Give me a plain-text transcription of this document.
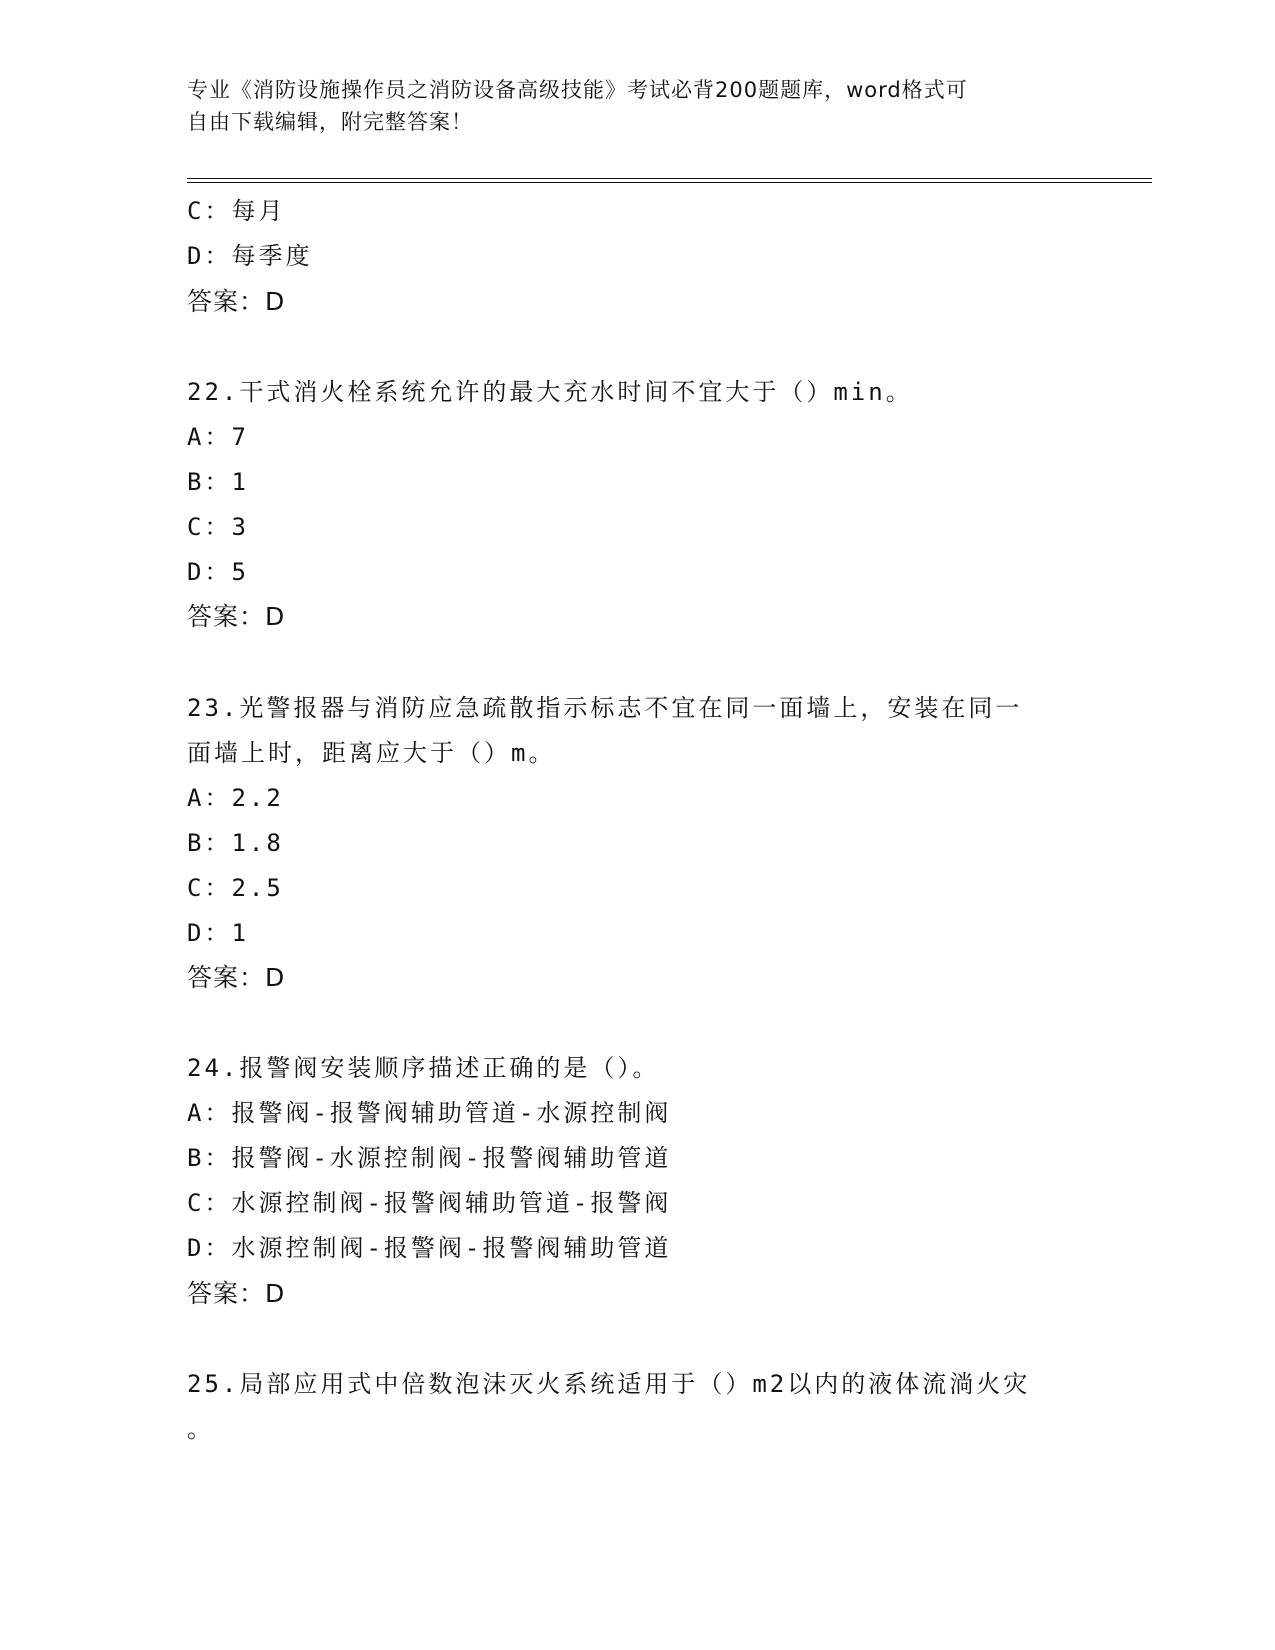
专业《消防设施操作员之消防设备高级技能》考试必背200题题库，word格式可
自由下载编辑，附完整答案！
C：每月
D：每季度
答案：D
22.干式消火栓系统允许的最大充水时间不宜大于（）min。
A：7
B：1
C：3
D：5
答案：D
23.光警报器与消防应急疏散指示标志不宜在同一面墙上，安装在同一
面墙上时，距离应大于（）m。
A：2.2
B：1.8
C：2.5
D：1
答案：D
24.报警阀安装顺序描述正确的是（）。
A：报警阀-报警阀辅助管道-水源控制阀
B：报警阀-水源控制阀-报警阀辅助管道
C：水源控制阀-报警阀辅助管道-报警阀
D：水源控制阀-报警阀-报警阀辅助管道
答案：D
25.局部应用式中倍数泡沫灭火系统适用于（）m2以内的液体流淌火灾
。
